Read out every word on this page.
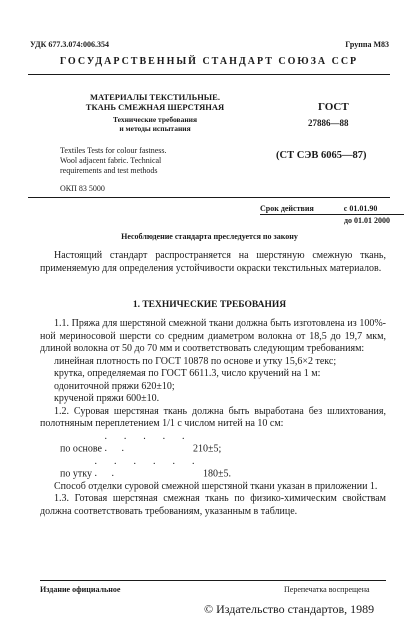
УДК 677.3.074:006.354	Группа М83
ГОСУДАРСТВЕННЫЙ СТАНДАРТ СОЮЗА ССР
МАТЕРИАЛЫ ТЕКСТИЛЬНЫЕ.
ТКАНЬ СМЕЖНАЯ ШЕРСТЯНАЯ
Технические требования
и методы испытания
Textiles Tests for colour fastness.
Wool adjacent fabric. Technical
requirements and test methods
ОКП 83 5000
ГОСТ
27886—88
(СТ СЭВ 6065—87)
Срок действия	с 01.01.90
до 01.01 2000
Несоблюдение стандарта преследуется по закону
Настоящий стандарт распространяется на шерстяную смежную ткань, применяемую для определения устойчивости окраски текстильных материалов.
1. ТЕХНИЧЕСКИЕ ТРЕБОВАНИЯ
1.1. Пряжа для шерстяной смежной ткани должна быть изготовлена из 100%-ной мериносовой шерсти со средним диаметром волокна от 18,5 до 19,7 мкм, длиной волокна от 50 до 70 мм и соответствовать следующим требованиям:
линейная плотность по ГОСТ 10878 по основе и утку 15,6×2 текс;
крутка, определяемая по ГОСТ 6611.3, число кручений на 1 м:
одониточной пряжи 620±10;
крученой пряжи 600±10.
1.2. Суровая шерстяная ткань должна быть выработана без шлихтования, полотняным переплетением 1/1 с числом нитей на 10 см:
по основе . . . . . . .	210±5;
по утку . . . . . . . .	180±5.
Способ отделки суровой смежной шерстяной ткани указан в приложении 1.
1.3. Готовая шерстяная смежная ткань по физико-химическим свойствам должна соответствовать требованиям, указанным в таблице.
Издание официальное	Перепечатка воспрещена
© Издательство стандартов, 1989
